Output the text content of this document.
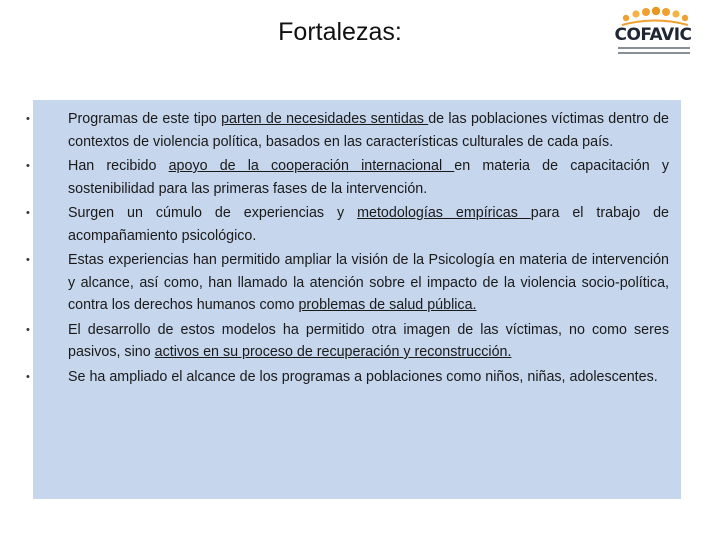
Fortalezas:	COFAVIC
•	Programas de este tipo parten de necesidades sentidas de las poblaciones víctimas dentro de contextos de violencia política, basados en las características culturales de cada país.
•	Han recibido apoyo de la cooperación internacional en materia de capacitación y sostenibilidad para las primeras fases de la intervención.
•	Surgen un cúmulo de experiencias y metodologías empíricas para el trabajo de acompañamiento psicológico.
•	Estas experiencias han permitido ampliar la visión de la Psicología en materia de intervención y alcance, así como, han llamado la atención sobre el impacto de la violencia socio-política, contra los derechos humanos como problemas de salud pública.
•	El desarrollo de estos modelos ha permitido otra imagen de las víctimas, no como seres pasivos, sino activos en su proceso de recuperación y reconstrucción.
•	Se ha ampliado el alcance de los programas a poblaciones como niños, niñas, adolescentes.
